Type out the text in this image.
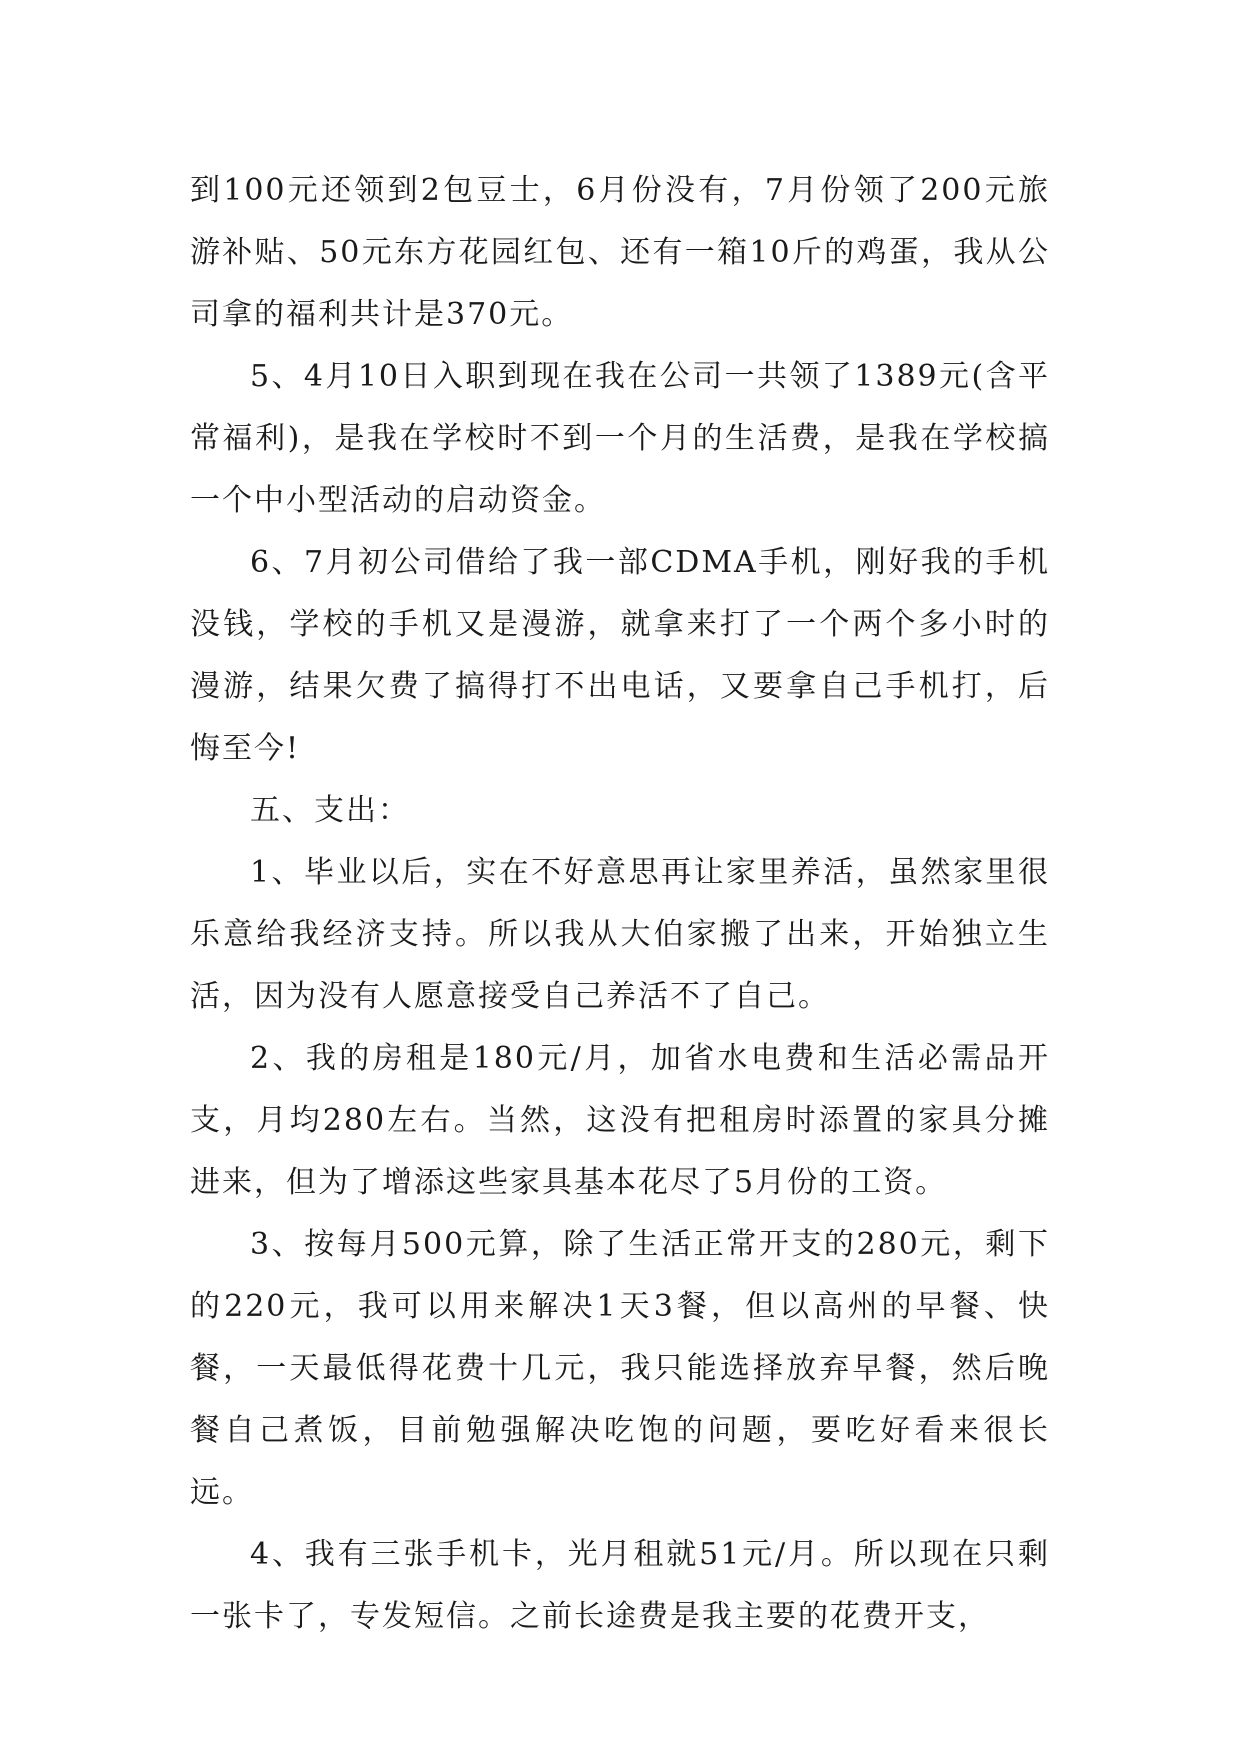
到100元还领到2包豆士，6月份没有，7月份领了200元旅游补贴、50元东方花园红包、还有一箱10斤的鸡蛋，我从公司拿的福利共计是370元。

5、4月10日入职到现在我在公司一共领了1389元(含平常福利)，是我在学校时不到一个月的生活费，是我在学校搞一个中小型活动的启动资金。

6、7月初公司借给了我一部CDMA手机，刚好我的手机没钱，学校的手机又是漫游，就拿来打了一个两个多小时的漫游，结果欠费了搞得打不出电话，又要拿自己手机打，后悔至今!

五、支出：

1、毕业以后，实在不好意思再让家里养活，虽然家里很乐意给我经济支持。所以我从大伯家搬了出来，开始独立生活，因为没有人愿意接受自己养活不了自己。

2、我的房租是180元/月，加省水电费和生活必需品开支，月均280左右。当然，这没有把租房时添置的家具分摊进来，但为了增添这些家具基本花尽了5月份的工资。

3、按每月500元算，除了生活正常开支的280元，剩下的220元，我可以用来解决1天3餐，但以高州的早餐、快餐，一天最低得花费十几元，我只能选择放弃早餐，然后晚餐自己煮饭，目前勉强解决吃饱的问题，要吃好看来很长远。

4、我有三张手机卡，光月租就51元/月。所以现在只剩一张卡了，专发短信。之前长途费是我主要的花费开支，
